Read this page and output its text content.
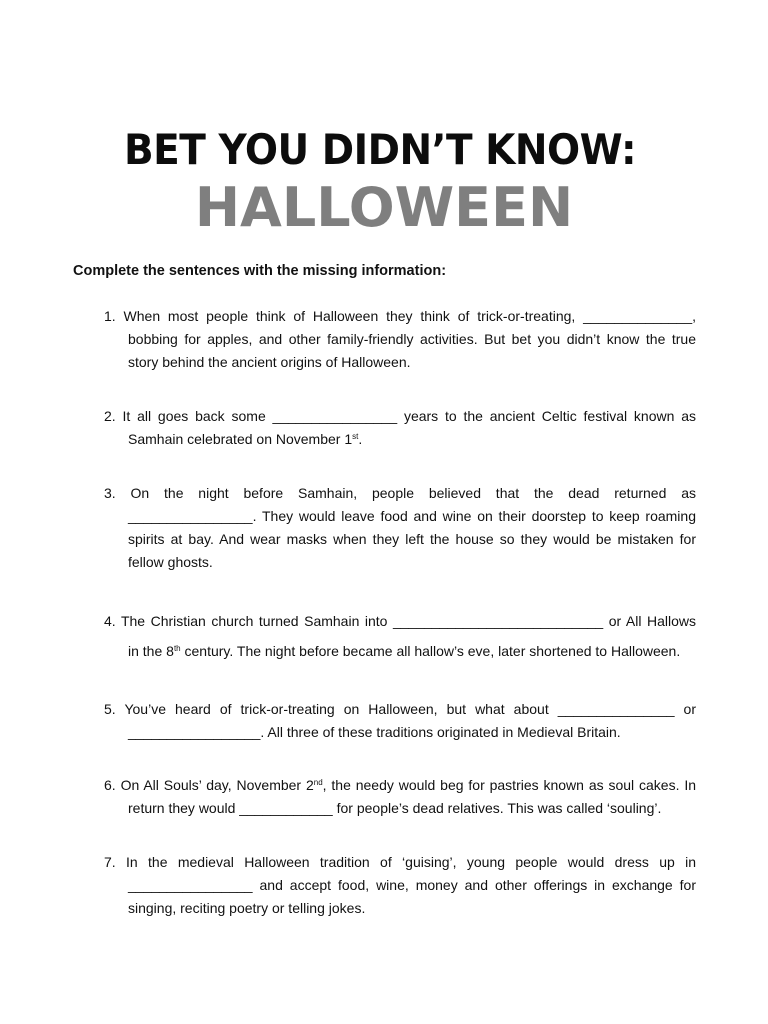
BET YOU DIDN’T KNOW:
HALLOWEEN
Complete the sentences with the missing information:

1. When most people think of Halloween they think of trick-or-treating, ______________,

bobbing for apples, and other family-friendly activities. But bet you didn’t know the true story behind the ancient origins of Halloween.

2. It all goes back some ________________ years to the ancient Celtic festival known as

Samhain celebrated on November 1st.

3. On the night before Samhain, people believed that the dead returned as

________________. They would leave food and wine on their doorstep to keep roaming spirits at bay. And wear masks when they left the house so they would be mistaken for fellow ghosts.

4. The Christian church turned Samhain into ___________________________ or All Hallows

in the 8th century. The night before became all hallow’s eve, later shortened to Halloween.

5. You’ve heard of trick-or-treating on Halloween, but what about _______________ or

_________________. All three of these traditions originated in Medieval Britain.

6. On All Souls’ day, November 2nd, the needy would beg for pastries known as soul cakes. In

return they would ____________ for people’s dead relatives. This was called ‘souling’.

7. In the medieval Halloween tradition of ‘guising’, young people would dress up in

________________ and accept food, wine, money and other offerings in exchange for singing, reciting poetry or telling jokes.
